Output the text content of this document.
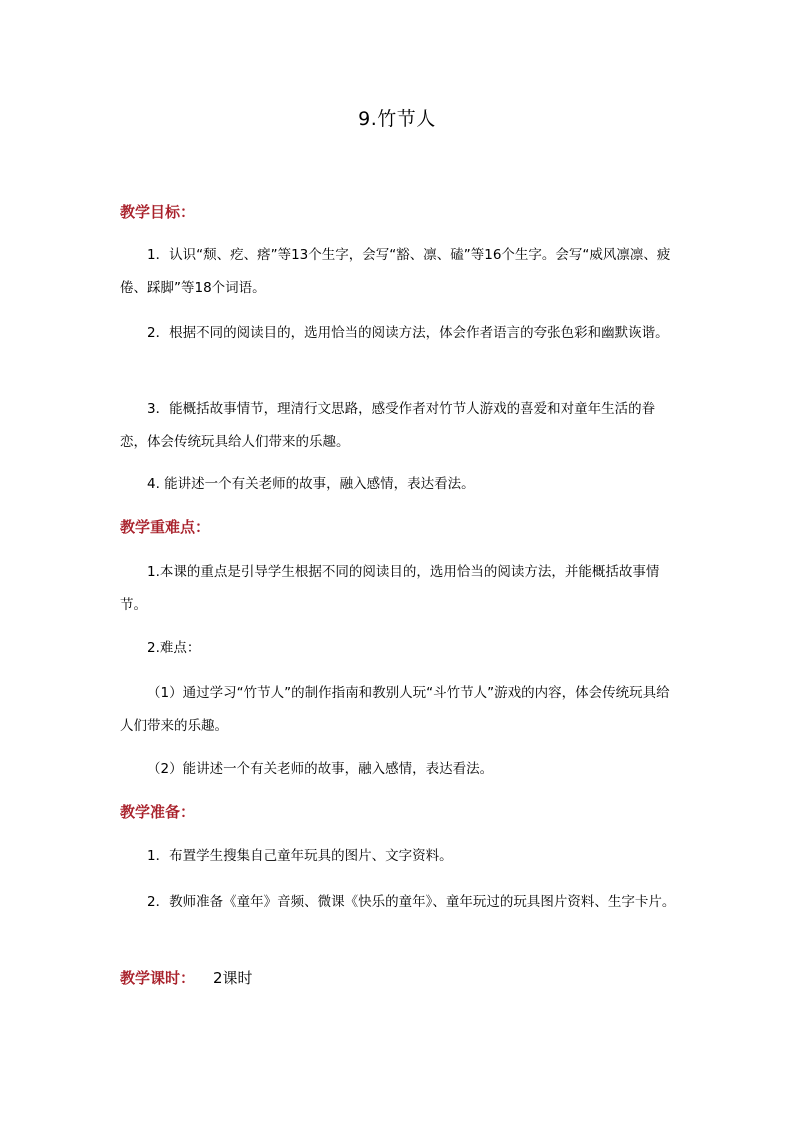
9.竹节人
教学目标：
1．认识“颓、疙、瘩”等13个生字，会写“豁、凛、磕”等16个生字。会写“威风凛凛、疲倦、踩脚”等18个词语。
2．根据不同的阅读目的，选用恰当的阅读方法，体会作者语言的夸张色彩和幽默诙谐。
3．能概括故事情节，理清行文思路，感受作者对竹节人游戏的喜爱和对童年生活的眷恋，体会传统玩具给人们带来的乐趣。
4. 能讲述一个有关老师的故事，融入感情，表达看法。
教学重难点：
1.本课的重点是引导学生根据不同的阅读目的，选用恰当的阅读方法，并能概括故事情节。
2.难点：
（1）通过学习“竹节人”的制作指南和教别人玩“斗竹节人”游戏的内容，体会传统玩具给人们带来的乐趣。
（2）能讲述一个有关老师的故事，融入感情，表达看法。
教学准备：
1．布置学生搜集自己童年玩具的图片、文字资料。
2．教师准备《童年》音频、微课《快乐的童年》、童年玩过的玩具图片资料、生字卡片。
教学课时： 2课时
